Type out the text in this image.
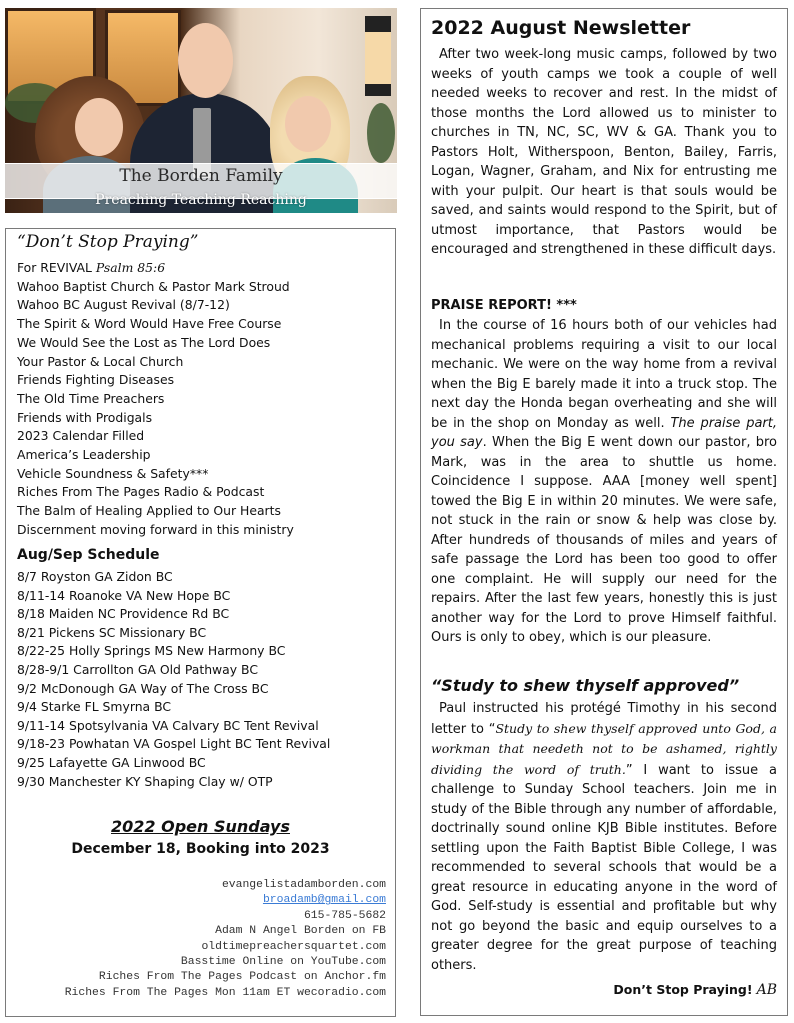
The Borden Family
Preaching Teaching Reaching
“Don’t Stop Praying”
For REVIVAL Psalm 85:6
Wahoo Baptist Church & Pastor Mark Stroud
Wahoo BC August Revival (8/7-12)
The Spirit & Word Would Have Free Course
We Would See the Lost as The Lord Does
Your Pastor & Local Church
Friends Fighting Diseases
The Old Time Preachers
Friends with Prodigals
2023 Calendar Filled
America’s Leadership
Vehicle Soundness & Safety***
Riches From The Pages Radio & Podcast
The Balm of Healing Applied to Our Hearts
Discernment moving forward in this ministry
Aug/Sep Schedule
8/7 Royston GA Zidon BC
8/11-14 Roanoke VA New Hope BC
8/18 Maiden NC Providence Rd BC
8/21 Pickens SC Missionary BC
8/22-25 Holly Springs MS New Harmony BC
8/28-9/1 Carrollton GA Old Pathway BC
9/2 McDonough GA Way of The Cross BC
9/4 Starke FL Smyrna BC
9/11-14 Spotsylvania VA Calvary BC Tent Revival
9/18-23 Powhatan VA Gospel Light BC Tent Revival
9/25 Lafayette GA Linwood BC
9/30 Manchester KY Shaping Clay w/ OTP
2022 Open Sundays
December 18, Booking into 2023
evangelistadamborden.com
broadamb@gmail.com
615-785-5682
Adam N Angel Borden on FB
oldtimepreachersquartet.com
Basstime Online on YouTube.com
Riches From The Pages Podcast on Anchor.fm
Riches From The Pages Mon 11am ET wecoradio.com
2022 August Newsletter

After two week-long music camps, followed by two weeks of youth camps we took a couple of well needed weeks to recover and rest. In the midst of those months the Lord allowed us to minister to churches in TN, NC, SC, WV & GA. Thank you to Pastors Holt, Witherspoon, Benton, Bailey, Farris, Logan, Wagner, Graham, and Nix for entrusting me with your pulpit. Our heart is that souls would be saved, and saints would respond to the Spirit, but of utmost importance, that Pastors would be encouraged and strengthened in these difficult days.

PRAISE REPORT! ***

In the course of 16 hours both of our vehicles had mechanical problems requiring a visit to our local mechanic. We were on the way home from a revival when the Big E barely made it into a truck stop. The next day the Honda began overheating and she will be in the shop on Monday as well. The praise part, you say. When the Big E went down our pastor, bro Mark, was in the area to shuttle us home. Coincidence I suppose. AAA [money well spent] towed the Big E in within 20 minutes. We were safe, not stuck in the rain or snow & help was close by. After hundreds of thousands of miles and years of safe passage the Lord has been too good to offer one complaint. He will supply our need for the repairs. After the last few years, honestly this is just another way for the Lord to prove Himself faithful. Ours is only to obey, which is our pleasure.

“Study to shew thyself approved”

Paul instructed his protégé Timothy in his second letter to “Study to shew thyself approved unto God, a workman that needeth not to be ashamed, rightly dividing the word of truth.” I want to issue a challenge to Sunday School teachers. Join me in study of the Bible through any number of affordable, doctrinally sound online KJB Bible institutes. Before settling upon the Faith Baptist Bible College, I was recommended to several schools that would be a great resource in educating anyone in the word of God. Self-study is essential and profitable but why not go beyond the basic and equip ourselves to a greater degree for the great purpose of teaching others.

Don’t Stop Praying! AB
